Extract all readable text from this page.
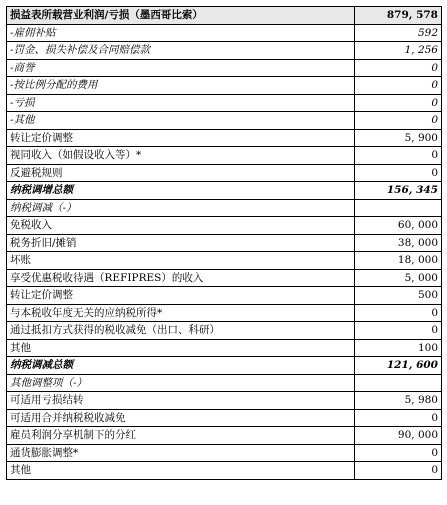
损益表所载营业利润/亏损（墨西哥比索）	879, 578
-雇佣补贴	592
-罚金、损失补偿及合同赔偿款	1, 256
-商誉	0
-按比例分配的费用	0
-亏损	0
-其他	0
转让定价调整	5, 900
视同收入（如假设收入等）*	0
反避税规则	0
纳税调增总额	156, 345
纳税调减（-）	
免税收入	60, 000
税务折旧/摊销	38, 000
坏账	18, 000
享受优惠税收待遇（REFIPRES）的收入	5, 000
转让定价调整	500
与本税收年度无关的应纳税所得*	0
通过抵扣方式获得的税收减免（出口、科研）	0
其他	100
纳税调减总额	121, 600
其他调整项（-）	
可适用亏损结转	5, 980
可适用合并纳税税收减免	0
雇员利润分享机制下的分红	90, 000
通货膨胀调整*	0
其他	0
